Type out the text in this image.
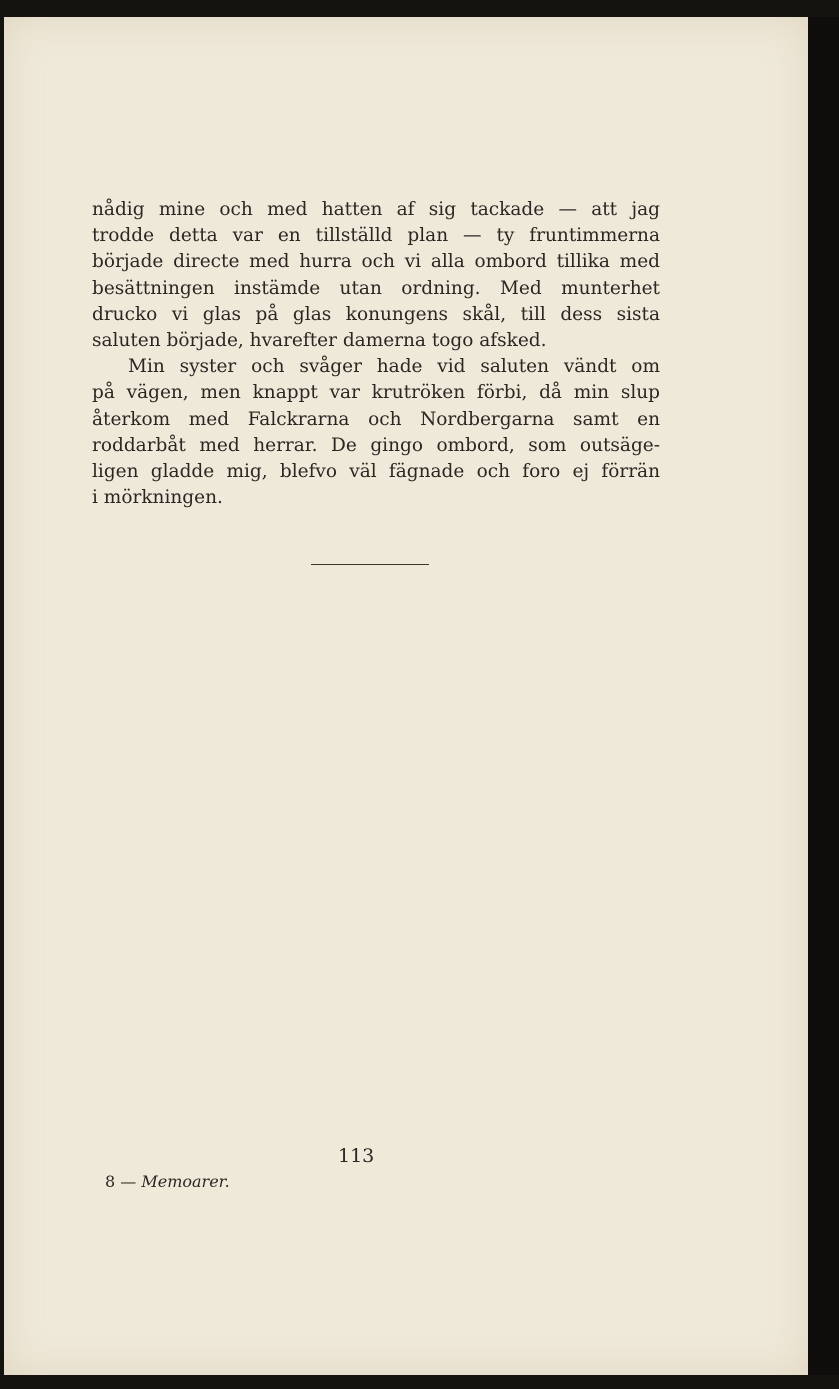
nådig mine och med hatten af sig tackade — att jag
trodde detta var en tillställd plan — ty fruntimmerna
började directe med hurra och vi alla ombord tillika med
besättningen instämde utan ordning. Med munterhet
drucko vi glas på glas konungens skål, till dess sista
saluten började, hvarefter damerna togo afsked.
Min syster och svåger hade vid saluten vändt om
på vägen, men knappt var krutröken förbi, då min slup
återkom med Falckrarna och Nordbergarna samt en
roddarbåt med herrar. De gingo ombord, som outsäge-
ligen gladde mig, blefvo väl fägnade och foro ej förrän
i mörkningen.
113
8 — Memoarer.
